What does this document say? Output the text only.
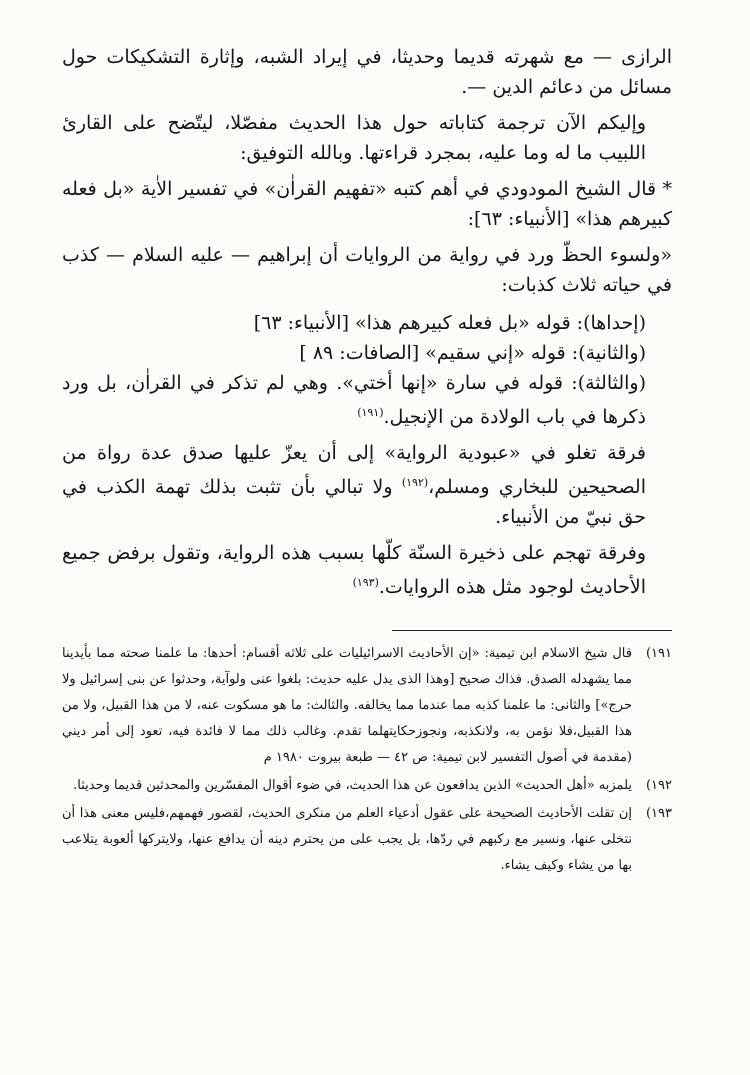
الرازى — مع شهرته قديما وحديثا، في إيراد الشبه، وإثارة التشكيكات حول مسائل من دعائم الدين —.

وإليكم الآن ترجمة كتاباته حول هذا الحديث مفصّلا، ليتّضح على القارئ اللبيب ما له وما عليه، بمجرد قراءتها. وبالله التوفيق:

* قال الشيخ المودودي في أهم كتبه «تفهيم القراٰن» في تفسير الاٰية «بل فعله كبيرهم هذا» [الأنبياء: ٦٣]:

«ولسوء الحظّ ورد في رواية من الروايات أن إبراهيم — عليه السلام — كذب في حياته ثلاث كذبات:

(إحداها): قوله «بل فعله كبيرهم هذا» [الأنبياء: ٦٣]

(والثانية): قوله «إني سقيم» [الصافات: ٨٩ ]

(والثالثة): قوله في سارة «إنها أختي». وهي لم تذكر في القراٰن، بل ورد ذكرها في باب الولادة من الإنجيل.$^{(١٩١)}$

فرقة تغلو في «عبودية الرواية» إلى أن يعزّ عليها صدق عدة رواة من الصحيحين للبخاري ومسلم،$^{(١٩٢)}$ ولا تبالي بأن تثبت بذلك تهمة الكذب في حق نبيّ من الأنبياء.

وفرقة تهجم على ذخيرة السنّة كلّها بسبب هذه الرواية، وتقول برفض جميع الأحاديث لوجود مثل هذه الروايات.$^{(١٩٣)}$

١٩١)
قال شيخ الاسلام ابن تيمية: «إن الأحاديث الاسرائيليات على ثلاثه أقسام: أحدها: ما علمنا صحته مما بأيدينا مما يشهدله الصدق. فذاك صحيح [وهذا الذى يدل عليه حديث: بلغوا عنى ولوآية، وحدثوا عن بنى إسرائيل ولا حرج»] والثانى: ما علمنا كذبه مما عندما مما يخالفه. والثالث: ما هو مسكوت عنه، لا من هذا القبيل، ولا من هذا القبيل،فلا نؤمن به، ولانكذبه، ونجوزحكايتهلما تقدم. وغالب ذلك مما لا فائدة فيه، تعود إلى أمر ديني (مقدمة في أصول التفسير لابن تيمية: ص ٤٢ — طبعة بيروت ١٩٨٠ م
١٩٢)
يلمزبه «أهل الحديث» الذين يدافعون عن هذا الحديث، في ضوء أقوال المفسّرين والمحدثين قديما وحديثا.
١٩٣)
إن تقلت الأحاديث الصحيحة على عقول أدعياء العلم من منكرى الحديث، لقصور فهمهم،فليس معنى هذا أن نتخلى عنها، ونسير مع ركبهم في ردّها، بل يجب على من يحترم دينه أن يدافع عنها، ولايتركها ألعوبة يتلاعب بها من يشاء وكيف يشاء.
